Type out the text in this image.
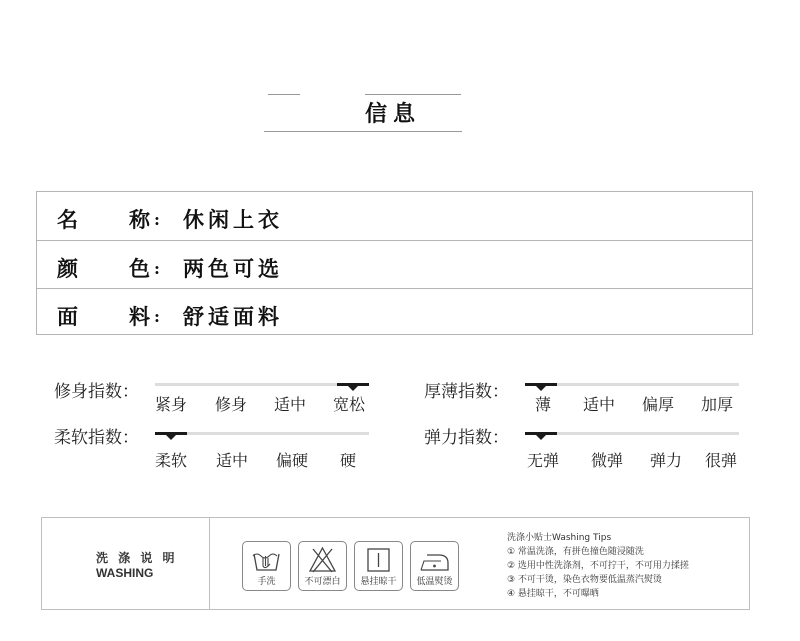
信息
名 称 : 休闲上衣
颜 色 : 两色可选
面 料 : 舒适面料
修身指数：
紧身 修身 适中 宽松
厚薄指数：
薄 适中 偏厚 加厚
柔软指数：
柔软 适中 偏硬 硬
弹力指数：
无弹 微弹 弹力 很弹
洗 涤 说 明
WASHING
手洗	不可漂白	悬挂晾干	低温熨烫
洗涤小贴士Washing Tips
① 常温洗涤，有拼色撞色随浸随洗
② 选用中性洗涤剂，不可拧干，不可用力揉搓
③ 不可干烫，染色衣物要低温蒸汽熨烫
④ 悬挂晾干，不可曝晒
